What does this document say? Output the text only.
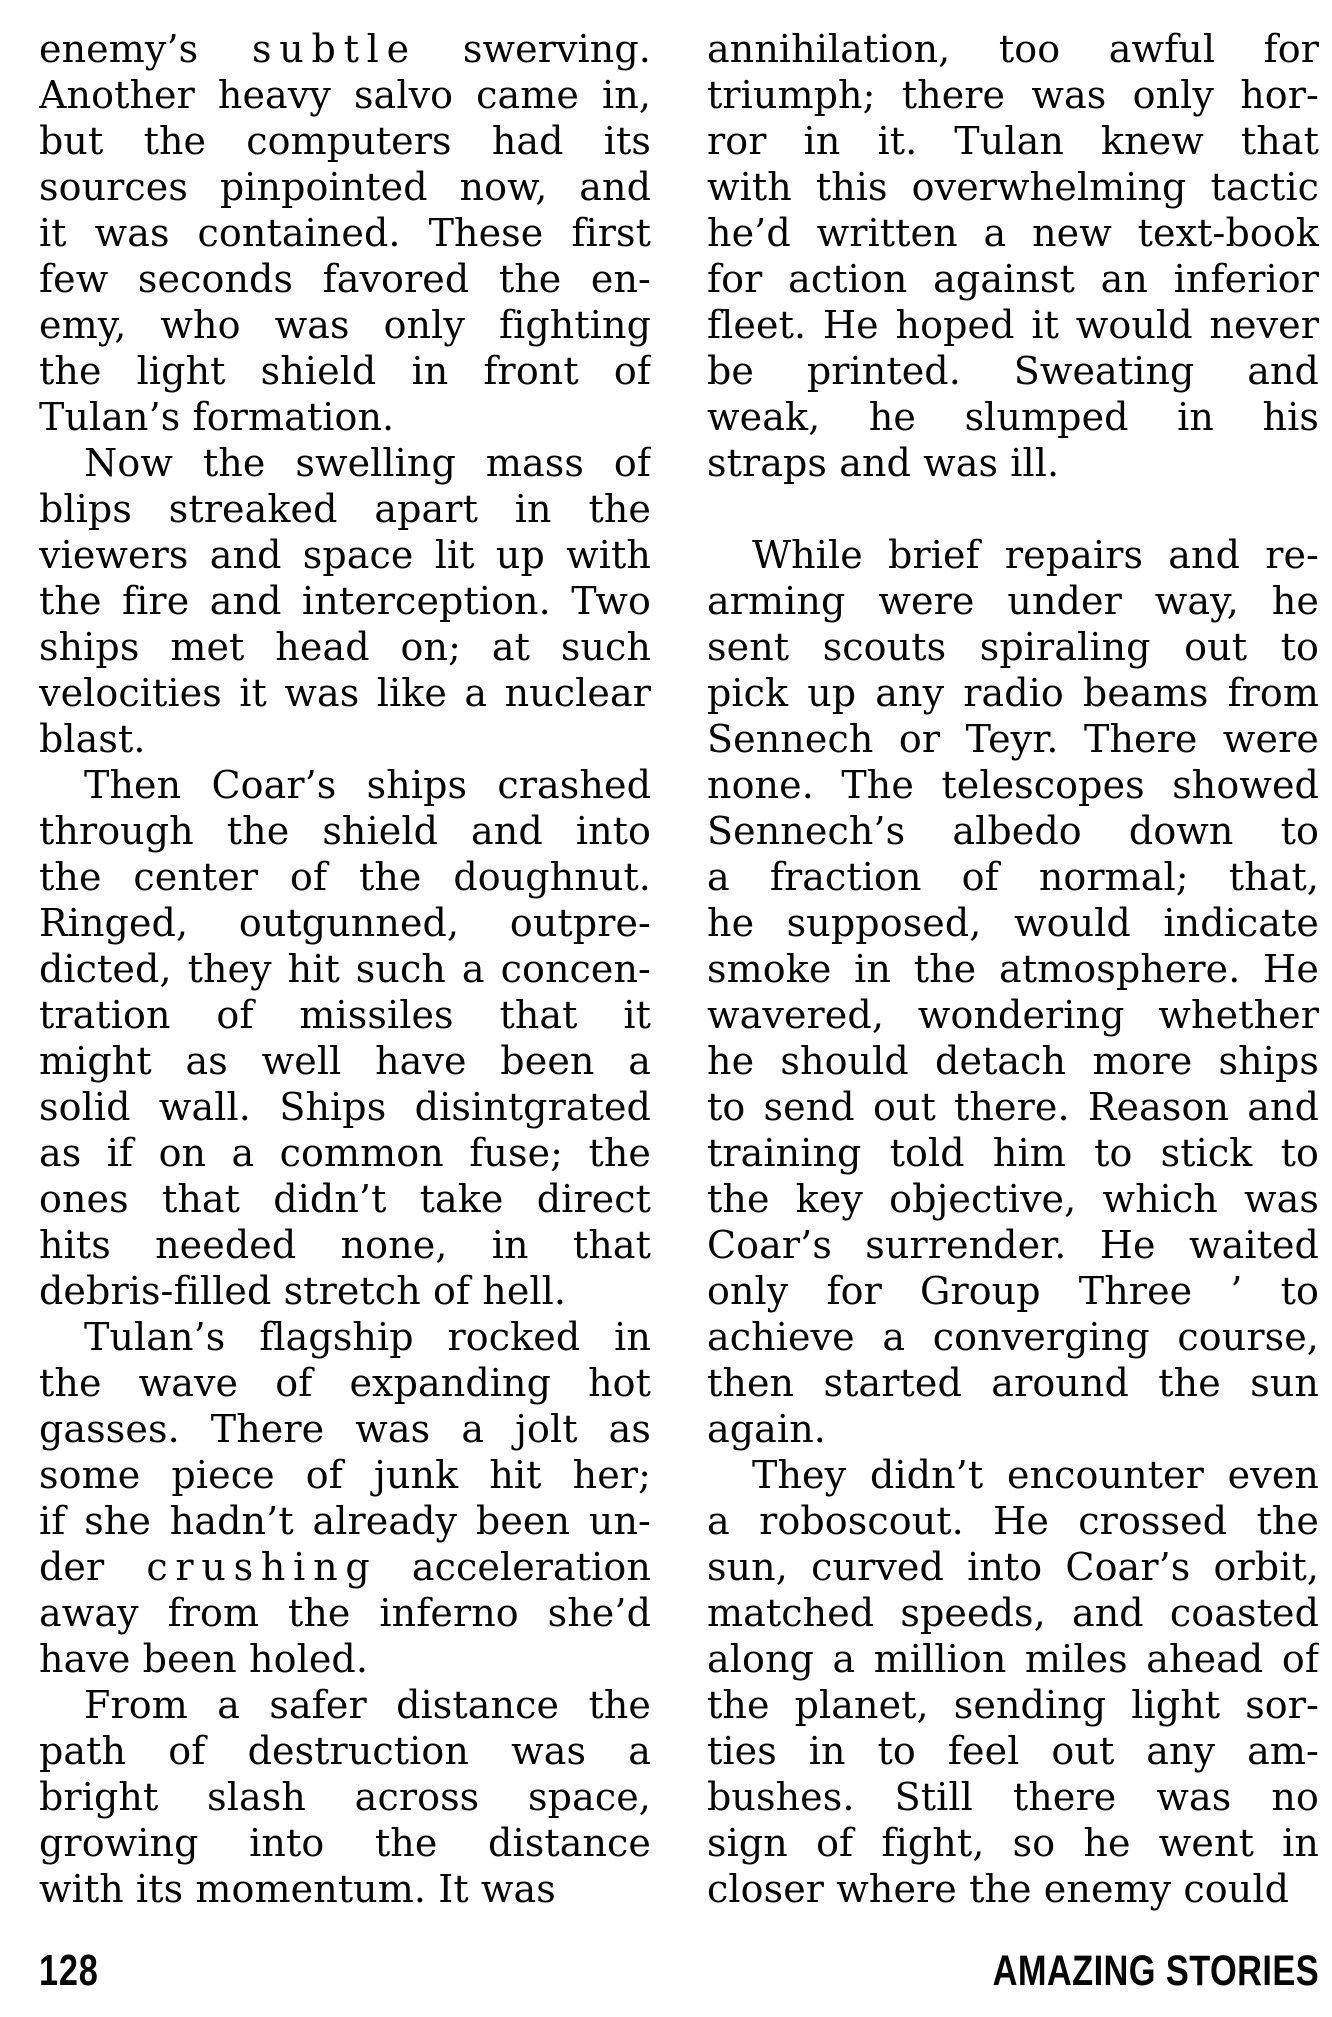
enemy’s s u b t l e swerving.
Another heavy salvo came in,
but the computers had its
sources pinpointed now, and
it was contained. These first
few seconds favored the en-
emy, who was only fighting
the light shield in front of
Tulan’s formation.
Now the swelling mass of
blips streaked apart in the
viewers and space lit up with
the fire and interception. Two
ships met head on; at such
velocities it was like a nuclear
blast.
Then Coar’s ships crashed
through the shield and into
the center of the doughnut.
Ringed, outgunned, outpre-
dicted, they hit such a concen-
tration of missiles that it
might as well have been a
solid wall. Ships disintgrated
as if on a common fuse; the
ones that didn’t take direct
hits needed none, in that
debris-filled stretch of hell.
Tulan’s flagship rocked in
the wave of expanding hot
gasses. There was a jolt as
some piece of junk hit her;
if she hadn’t already been un-
der c r u s h i n g acceleration
away from the inferno she’d
have been holed.
From a safer distance the
path of destruction was a
bright slash across space,
growing into the distance
with its momentum. It was
annihilation, too awful for
triumph; there was only hor-
ror in it. Tulan knew that
with this overwhelming tactic
he’d written a new text-book
for action against an inferior
fleet. He hoped it would never
be printed. Sweating and
weak, he slumped in his
straps and was ill.
While brief repairs and re-
arming were under way, he
sent scouts spiraling out to
pick up any radio beams from
Sennech or Teyr. There were
none. The telescopes showed
Sennech’s albedo down to
a fraction of normal; that,
he supposed, would indicate
smoke in the atmosphere. He
wavered, wondering whether
he should detach more ships
to send out there. Reason and
training told him to stick to
the key objective, which was
Coar’s surrender. He waited
only for Group Three ’ to
achieve a converging course,
then started around the sun
again.
They didn’t encounter even
a roboscout. He crossed the
sun, curved into Coar’s orbit,
matched speeds, and coasted
along a million miles ahead of
the planet, sending light sor-
ties in to feel out any am-
bushes. Still there was no
sign of fight, so he went in
closer where the enemy could
128	AMAZING STORIES
